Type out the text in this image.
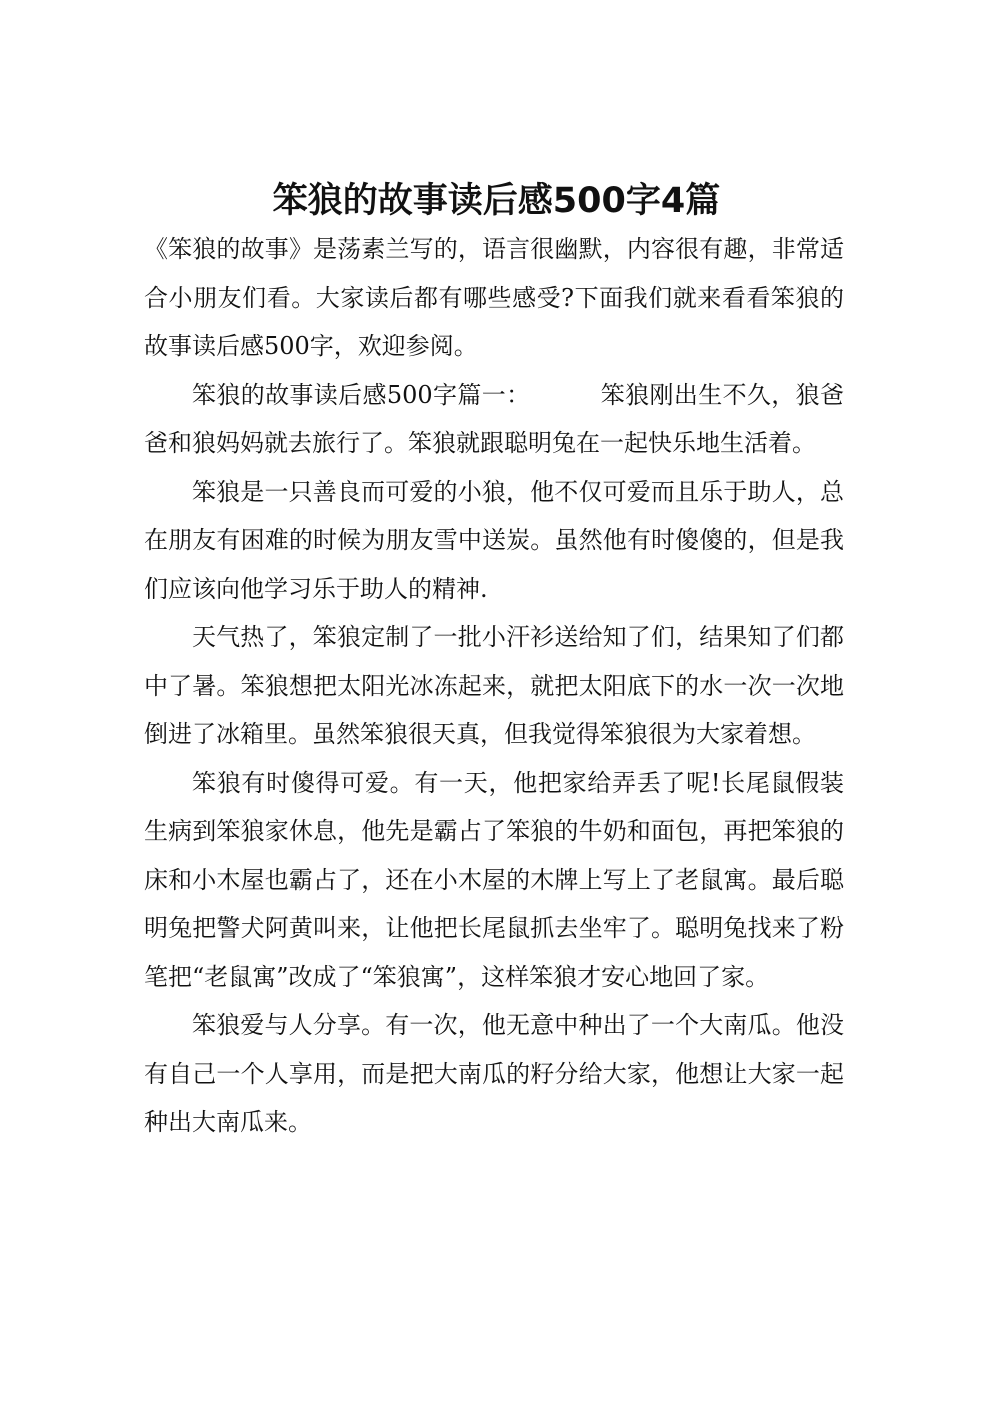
笨狼的故事读后感500字4篇

《笨狼的故事》是荡素兰写的，语言很幽默，内容很有趣，非常适合小朋友们看。大家读后都有哪些感受?下面我们就来看看笨狼的故事读后感500字，欢迎参阅。

笨狼的故事读后感500字篇一：	笨狼刚出生不久，狼爸爸和狼妈妈就去旅行了。笨狼就跟聪明兔在一起快乐地生活着。

笨狼是一只善良而可爱的小狼，他不仅可爱而且乐于助人，总在朋友有困难的时候为朋友雪中送炭。虽然他有时傻傻的，但是我们应该向他学习乐于助人的精神.

天气热了，笨狼定制了一批小汗衫送给知了们，结果知了们都中了暑。笨狼想把太阳光冰冻起来，就把太阳底下的水一次一次地倒进了冰箱里。虽然笨狼很天真，但我觉得笨狼很为大家着想。

笨狼有时傻得可爱。有一天，他把家给弄丢了呢!长尾鼠假装生病到笨狼家休息，他先是霸占了笨狼的牛奶和面包，再把笨狼的床和小木屋也霸占了，还在小木屋的木牌上写上了老鼠寓。最后聪明兔把警犬阿黄叫来，让他把长尾鼠抓去坐牢了。聪明兔找来了粉笔把“老鼠寓”改成了“笨狼寓”，这样笨狼才安心地回了家。

笨狼爱与人分享。有一次，他无意中种出了一个大南瓜。他没有自己一个人享用，而是把大南瓜的籽分给大家，他想让大家一起种出大南瓜来。
